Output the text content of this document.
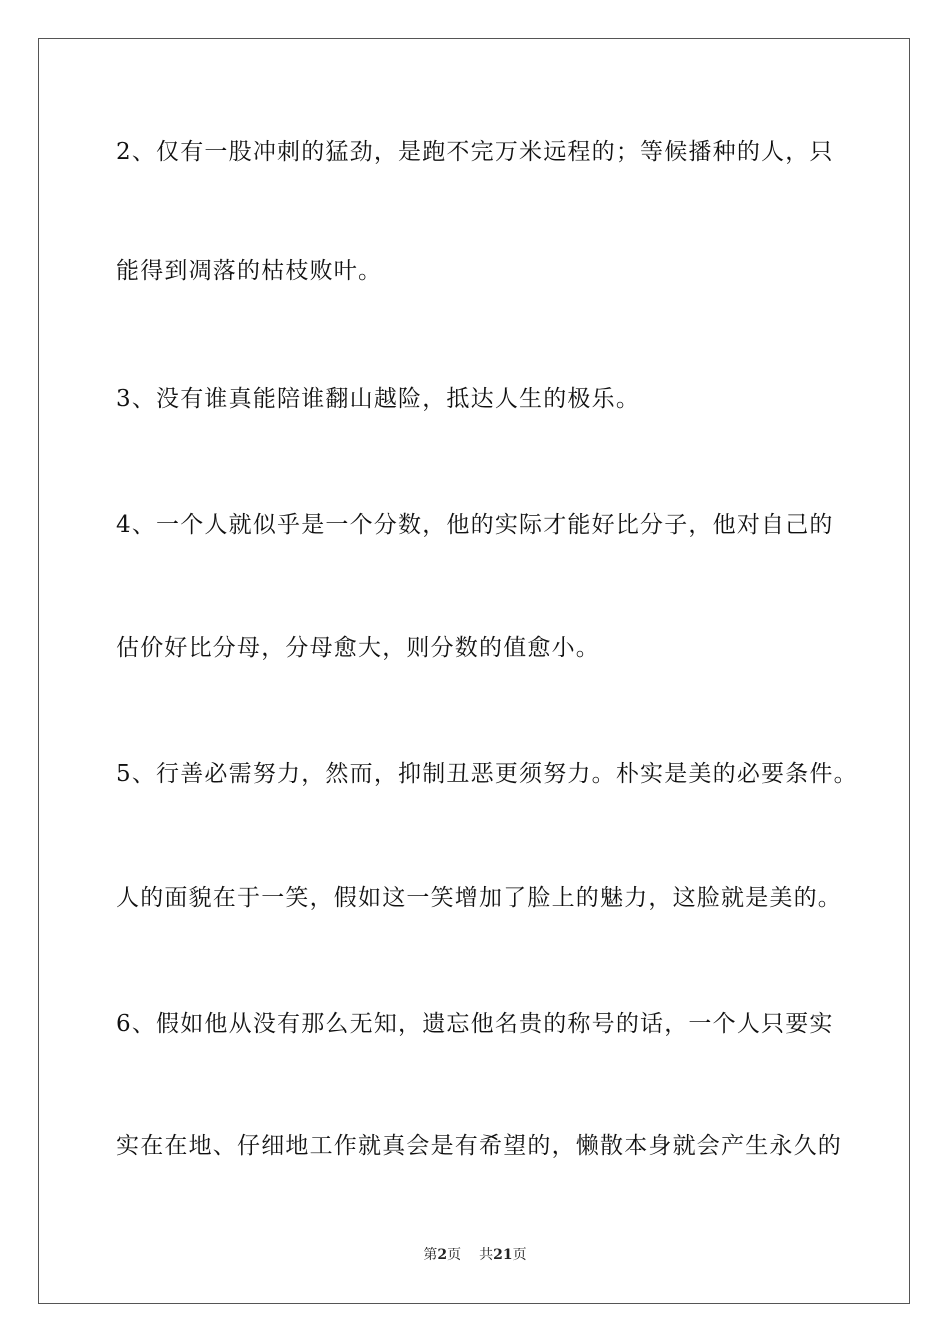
2、仅有一股冲刺的猛劲，是跑不完万米远程的；等候播种的人，只
能得到凋落的枯枝败叶。
3、没有谁真能陪谁翻山越险，抵达人生的极乐。
4、一个人就似乎是一个分数，他的实际才能好比分子，他对自己的
估价好比分母，分母愈大，则分数的值愈小。
5、行善必需努力，然而，抑制丑恶更须努力。朴实是美的必要条件。
人的面貌在于一笑，假如这一笑增加了脸上的魅力，这脸就是美的。
6、假如他从没有那么无知，遗忘他名贵的称号的话，一个人只要实
实在在地、仔细地工作就真会是有希望的，懒散本身就会产生永久的
第2页 共21页
